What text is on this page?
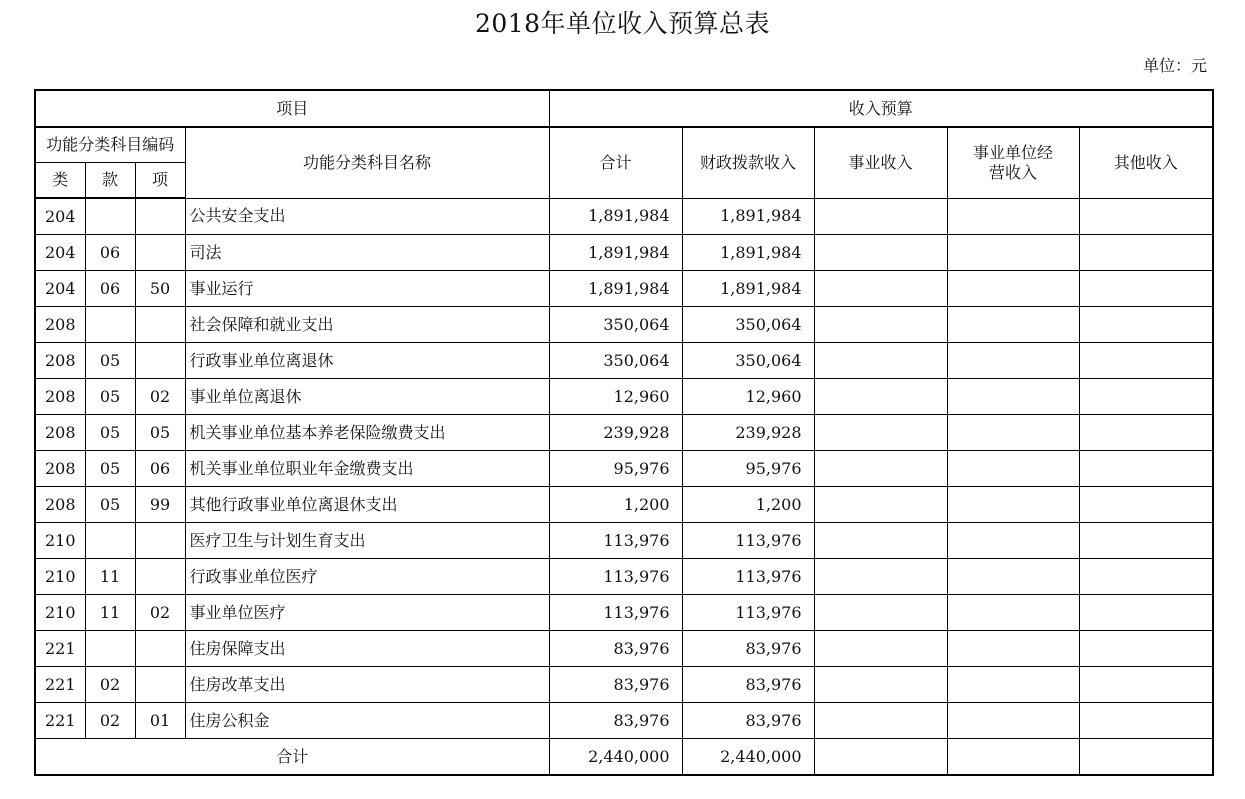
2018年单位收入预算总表
单位：元
项目				收入预算				
功能分类科目编码			功能分类科目名称	合计	财政拨款收入	事业收入	事业单位经营收入	其他收入
类	款	项						
204			公共安全支出	1,891,984	1,891,984			
204	06		司法	1,891,984	1,891,984			
204	06	50	事业运行	1,891,984	1,891,984			
208			社会保障和就业支出	350,064	350,064			
208	05		行政事业单位离退休	350,064	350,064			
208	05	02	事业单位离退休	12,960	12,960			
208	05	05	机关事业单位基本养老保险缴费支出	239,928	239,928			
208	05	06	机关事业单位职业年金缴费支出	95,976	95,976			
208	05	99	其他行政事业单位离退休支出	1,200	1,200			
210			医疗卫生与计划生育支出	113,976	113,976			
210	11		行政事业单位医疗	113,976	113,976			
210	11	02	事业单位医疗	113,976	113,976			
221			住房保障支出	83,976	83,976			
221	02		住房改革支出	83,976	83,976			
221	02	01	住房公积金	83,976	83,976			
合计				2,440,000	2,440,000			
